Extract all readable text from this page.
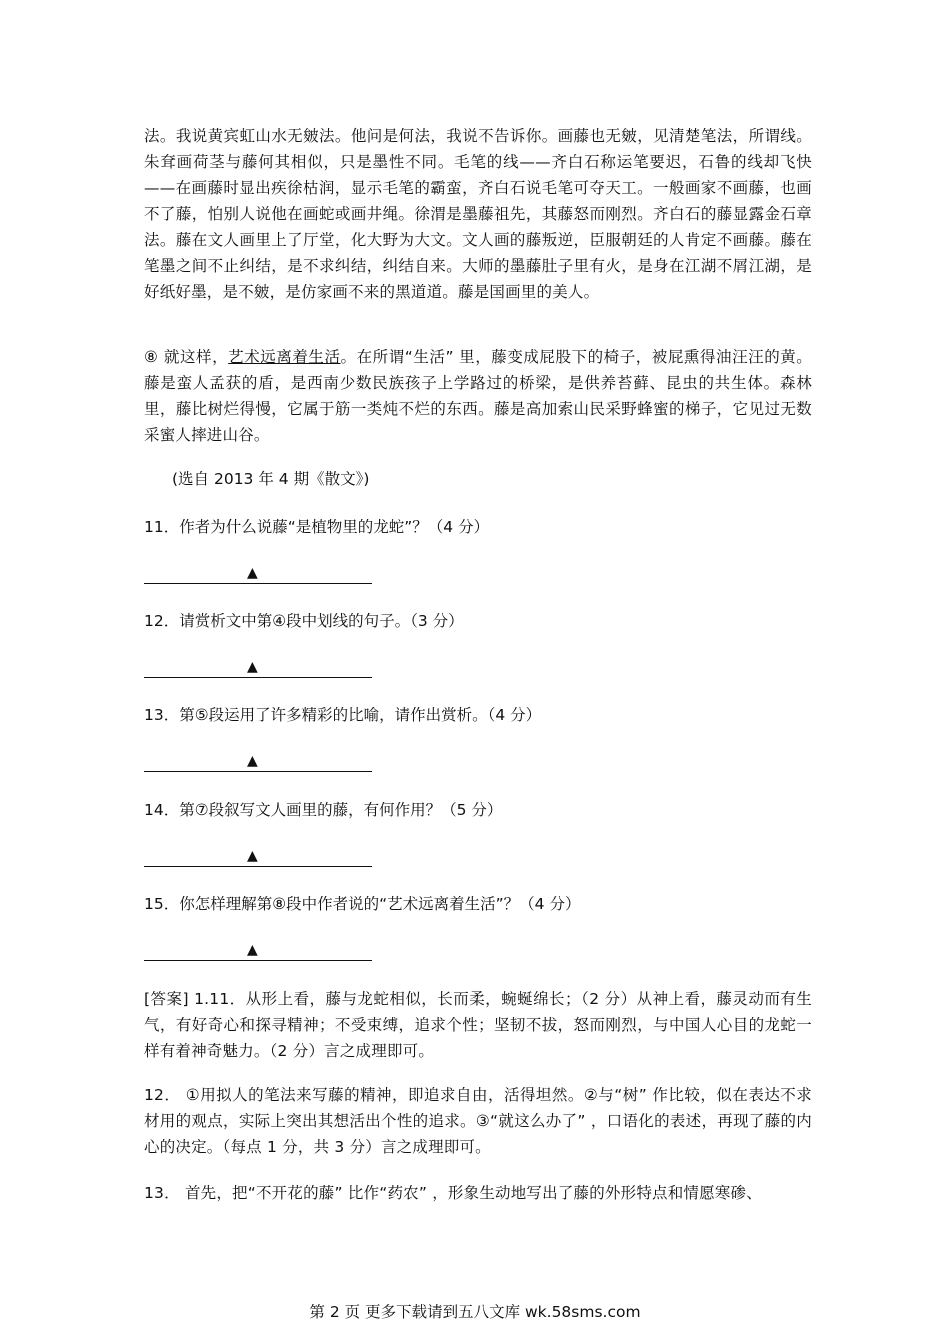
法。我说黄宾虹山水无皴法。他问是何法，我说不告诉你。画藤也无皴，见清楚笔法，所谓线。朱耷画荷茎与藤何其相似，只是墨性不同。毛笔的线——齐白石称运笔要迟，石鲁的线却飞快——在画藤时显出疾徐枯润，显示毛笔的霸蛮，齐白石说毛笔可夺天工。一般画家不画藤，也画不了藤，怕别人说他在画蛇或画井绳。徐渭是墨藤祖先，其藤怒而刚烈。齐白石的藤显露金石章法。藤在文人画里上了厅堂，化大野为大文。文人画的藤叛逆，臣服朝廷的人肯定不画藤。藤在笔墨之间不止纠结，是不求纠结，纠结自来。大师的墨藤肚子里有火，是身在江湖不屑江湖，是好纸好墨，是不皴，是仿家画不来的黑道道。藤是国画里的美人。

⑧ 就这样，艺术远离着生活。在所谓“生活” 里，藤变成屁股下的椅子，被屁熏得油汪汪的黄。藤是蛮人孟获的盾，是西南少数民族孩子上学路过的桥梁，是供养苔藓、昆虫的共生体。森林里，藤比树烂得慢，它属于筋一类炖不烂的东西。藤是高加索山民采野蜂蜜的梯子，它见过无数采蜜人摔进山谷。

(选自 2013 年 4 期《散文》)

11．作者为什么说藤“是植物里的龙蛇”？（4 分）

▲

12．请赏析文中第④段中划线的句子。（3 分）

▲

13．第⑤段运用了许多精彩的比喻，请作出赏析。（4 分）

▲

14．第⑦段叙写文人画里的藤，有何作用？（5 分）

▲

15．你怎样理解第⑧段中作者说的“艺术远离着生活”？（4 分）

▲

[答案] 1.11．从形上看，藤与龙蛇相似，长而柔，蜿蜒绵长；（2 分）从神上看，藤灵动而有生气，有好奇心和探寻精神；不受束缚，追求个性；坚韧不拔，怒而刚烈，与中国人心目的龙蛇一样有着神奇魅力。（2 分）言之成理即可。

12． ①用拟人的笔法来写藤的精神，即追求自由，活得坦然。②与“树” 作比较，似在表达不求材用的观点，实际上突出其想活出个性的追求。③“就这么办了” ，口语化的表述，再现了藤的内心的决定。（每点 1 分，共 3 分）言之成理即可。

13． 首先，把“不开花的藤” 比作“药农” ，形象生动地写出了藤的外形特点和情愿寒碜、

第 2 页 更多下载请到五八文库 wk.58sms.com
